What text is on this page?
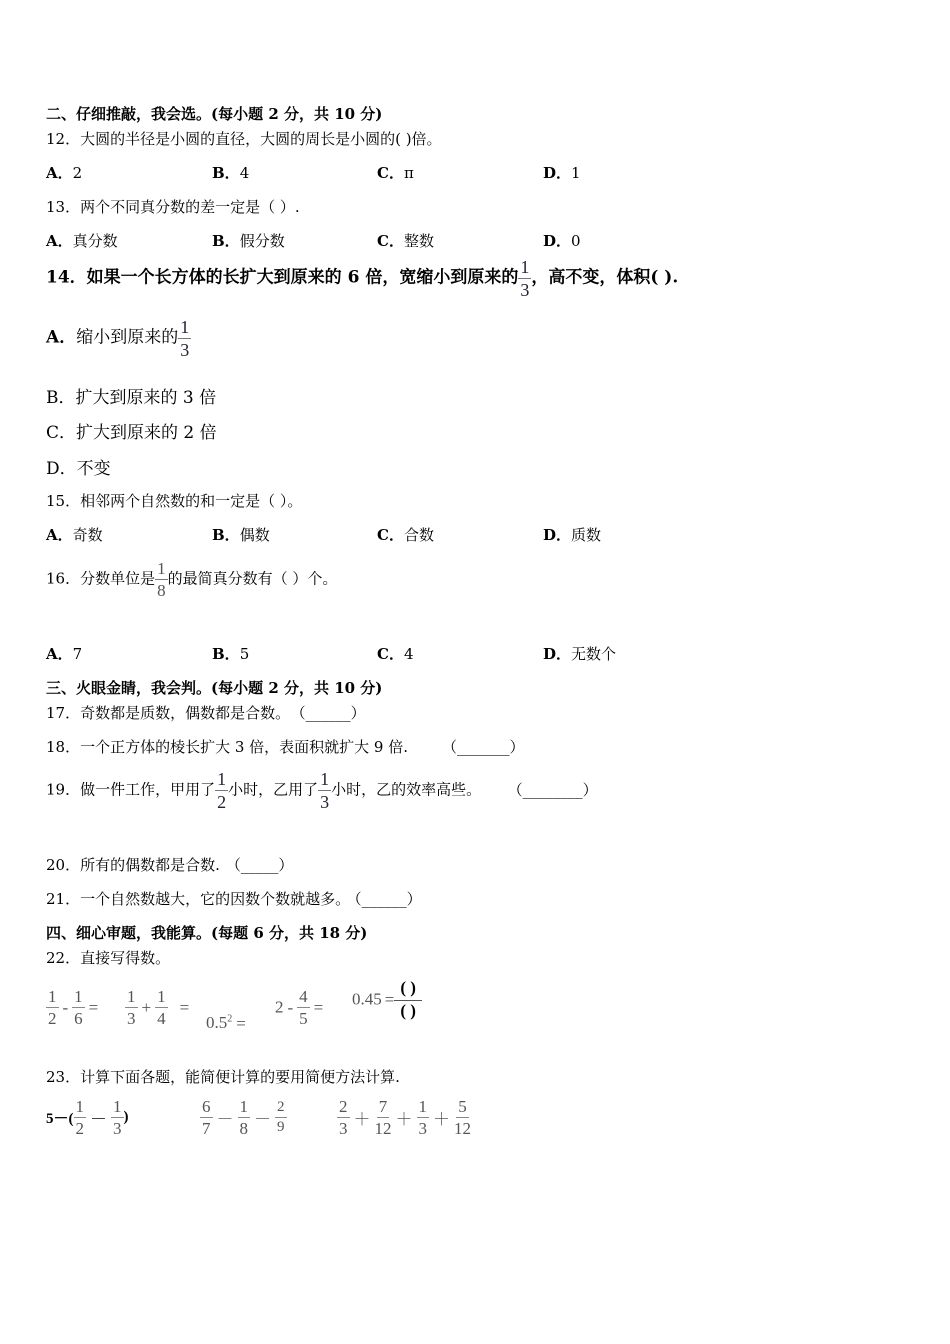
二、仔细推敲，我会选。(每小题 2 分，共 10 分)
12．大圆的半径是小圆的直径，大圆的周长是小圆的( )倍。
A．2	B．4	C．π	D．1
13．两个不同真分数的差一定是（ ）.
A．真分数	B．假分数	C．整数	D．0
14．如果一个长方体的长扩大到原来的 6 倍，宽缩小到原来的 $\frac{1}{3}$ ，高不变，体积( ).
A．缩小到原来的 $\frac{1}{3}$
B．扩大到原来的 3 倍
C．扩大到原来的 2 倍
D．不变
15．相邻两个自然数的和一定是（ ）。
A．奇数	B．偶数	C．合数	D．质数
16．分数单位是 $\frac{1}{8}$ 的最简真分数有（ ）个。
A．7	B．5	C．4	D．无数个
三、火眼金睛，我会判。(每小题 2 分，共 10 分)
17．奇数都是质数，偶数都是合数。 （______）
18．一个正方体的棱长扩大 3 倍，表面积就扩大 9 倍. （_______）
19．做一件工作，甲用了 $\frac{1}{2}$ 小时，乙用了 $\frac{1}{3}$ 小时，乙的效率高些。 （________）
20．所有的偶数都是合数. （_____）
21．一个自然数越大，它的因数个数就越多。 （______）
四、细心审题，我能算。(每题 6 分，共 18 分)
22．直接写得数。
$\frac{1}{2} - \frac{1}{6} = \frac{1}{3} + \frac{1}{4}$ =
$0.5^2$ =
$2 - \frac{4}{5} = 0.45$ =
( )
( )
23．计算下面各题，能简便计算的要用简便方法计算.
$5-( \frac{1}{2} - \frac{1}{3}$ )	$\frac{6}{7} - \frac{1}{8} - \frac{2}{9}$	$\frac{2}{3} + \frac{7}{12} + \frac{1}{3} + \frac{5}{12}$
